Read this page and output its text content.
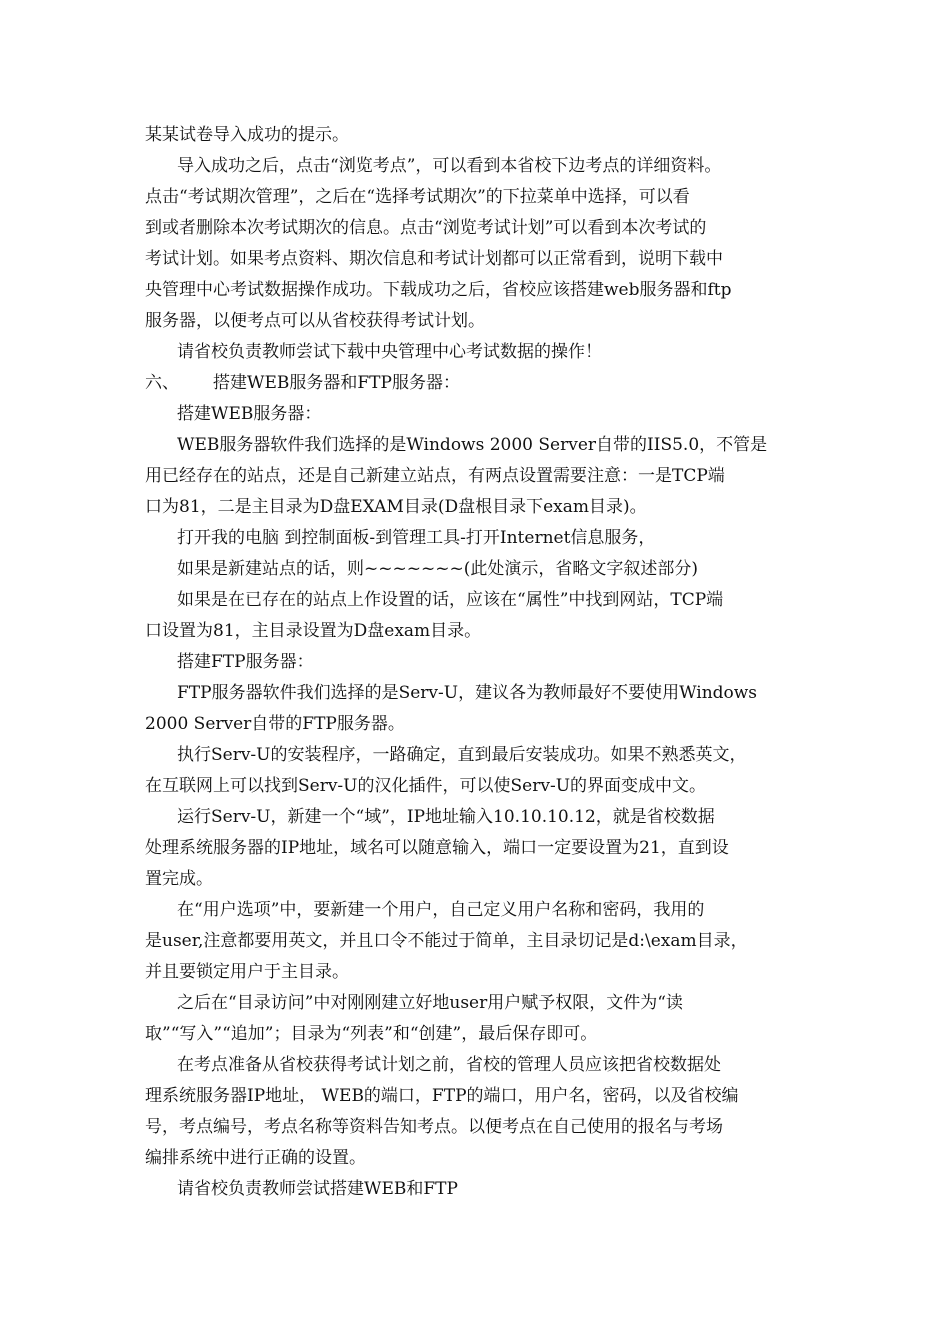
某某试卷导入成功的提示。
导入成功之后，点击“浏览考点”，可以看到本省校下边考点的详细资料。
点击“考试期次管理”，之后在“选择考试期次”的下拉菜单中选择，可以看
到或者删除本次考试期次的信息。点击“浏览考试计划”可以看到本次考试的
考试计划。如果考点资料、期次信息和考试计划都可以正常看到，说明下载中
央管理中心考试数据操作成功。下载成功之后，省校应该搭建web服务器和ftp
服务器，以便考点可以从省校获得考试计划。
请省校负责教师尝试下载中央管理中心考试数据的操作！
六、 搭建WEB服务器和FTP服务器：
搭建WEB服务器：
WEB服务器软件我们选择的是Windows 2000 Server自带的IIS5.0，不管是
用已经存在的站点，还是自己新建立站点，有两点设置需要注意：一是TCP端
口为81，二是主目录为D盘EXAM目录(D盘根目录下exam目录)。
打开我的电脑 到控制面板-到管理工具-打开Internet信息服务，
如果是新建站点的话，则~~~~~~~(此处演示，省略文字叙述部分)
如果是在已存在的站点上作设置的话，应该在“属性”中找到网站，TCP端
口设置为81，主目录设置为D盘exam目录。
搭建FTP服务器：
FTP服务器软件我们选择的是Serv-U，建议各为教师最好不要使用Windows
2000 Server自带的FTP服务器。
执行Serv-U的安装程序，一路确定，直到最后安装成功。如果不熟悉英文，
在互联网上可以找到Serv-U的汉化插件，可以使Serv-U的界面变成中文。
运行Serv-U，新建一个“域”，IP地址输入10.10.10.12，就是省校数据
处理系统服务器的IP地址，域名可以随意输入，端口一定要设置为21，直到设
置完成。
在“用户选项”中，要新建一个用户，自己定义用户名称和密码，我用的
是user,注意都要用英文，并且口令不能过于简单，主目录切记是d:\exam目录，
并且要锁定用户于主目录。
之后在“目录访问”中对刚刚建立好地user用户赋予权限，文件为“读
取”“写入”“追加”；目录为“列表”和“创建”，最后保存即可。
在考点准备从省校获得考试计划之前，省校的管理人员应该把省校数据处
理系统服务器IP地址， WEB的端口，FTP的端口，用户名，密码，以及省校编
号，考点编号，考点名称等资料告知考点。以便考点在自己使用的报名与考场
编排系统中进行正确的设置。
请省校负责教师尝试搭建WEB和FTP
